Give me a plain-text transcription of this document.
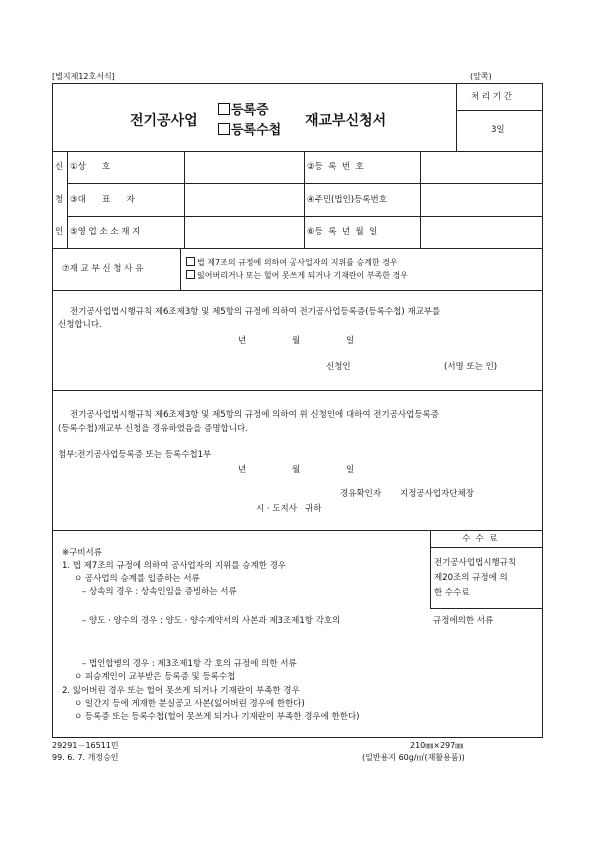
[별지제12호서식]	(앞쪽)
전기공사업
등록증
등록수첩
재교부신청서
처 리 기 간
3일
신
청
인
①상      호	②등  록  번  호
③대      표      자	④주민(법인)등록번호
⑤영 업 소 소 재 지	⑥등  록  년  월  일
⑦재 교 부 신 청 사 유
법 제7조의 규정에 의하여 공사업자의 지위를 승계한 경우
잃어버리거나 또는 헐어 못쓰게 되거나 기재란이 부족한 경우
전기공사업법시행규칙 제6조제3항 및 제5항의 규정에 의하여 전기공사업등록증(등록수첩) 재교부를
신청합니다.
년	월	일
신청인	(서명 또는 인)
전기공사업법시행규칙 제6조제3항 및 제5항의 규정에 의하여 위 신청인에 대하여 전기공사업등록증
(등록수첩)재교부 신청을 경유하였음을 증명합니다.
첨부:전기공사업등록증 또는 등록수첩1부
년	월	일
경유확인자 지정공사업자단체장
시 · 도지사   귀하
수  수  료
전기공사업법시행규칙
제20조의 규정에 의
한 수수료
※구비서류
1. 법 제7조의 규정에 의하여 공사업자의 지위를 승계한 경우
ㅇ 공사업의 승계를 입증하는 서류
– 상속의 경우 : 상속인임을 증빙하는 서류
– 양도 · 양수의 경우 : 양도 · 양수계약서의 사본과 제3조제1항 각호의	규정에의한 서류
– 법인합병의 경우 : 제3조제1항 각 호의 규정에 의한 서류
ㅇ 피승계인이 교부받은 등록증 및 등록수첩
2. 잃어버린 경우 또는 헐어 못쓰게 되거나 기재란이 부족한 경우
ㅇ 일간지 등에 게재한 분실공고 사본(잃어버린 경우에 한한다)
ㅇ 등록증 또는 등록수첩(헐어 못쓰게 되거나 기재란이 부족한 경우에 한한다)
29291－16511민
99. 6. 7. 개정승인
210㎜×297㎜
(일반용지 60g/㎡(재활용품))
